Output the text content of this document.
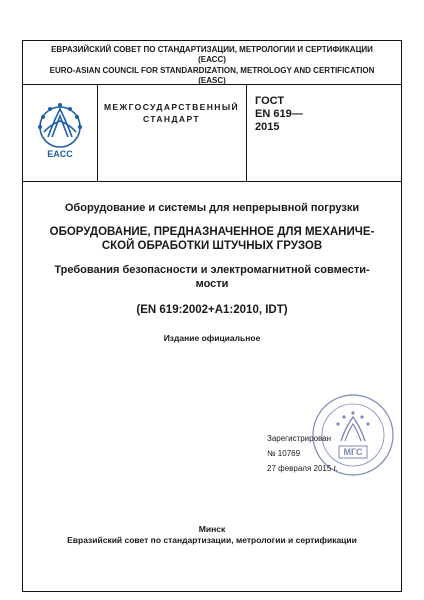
ЕВРАЗИЙСКИЙ СОВЕТ ПО СТАНДАРТИЗАЦИИ, МЕТРОЛОГИИ И СЕРТИФИКАЦИИ
(ЕАСС)
EURO-ASIAN COUNCIL FOR STANDARDIZATION, METROLOGY AND CERTIFICATION
(EASC)
EACC
МЕЖГОСУДАРСТВЕННЫЙ
СТАНДАРТ
ГОСТ
EN 619—
2015
Оборудование и системы для непрерывной погрузки
ОБОРУДОВАНИЕ, ПРЕДНАЗНАЧЕННОЕ ДЛЯ МЕХАНИЧЕ-
СКОЙ ОБРАБОТКИ ШТУЧНЫХ ГРУЗОВ
Требования безопасности и электромагнитной совмести-
мости
(EN 619:2002+A1:2010, IDT)
Издание официальное
МГС
Зарегистрирован
№ 10769
27 февраля 2015 г.
Минск
Евразийский совет по стандартизации, метрологии и сертификации
